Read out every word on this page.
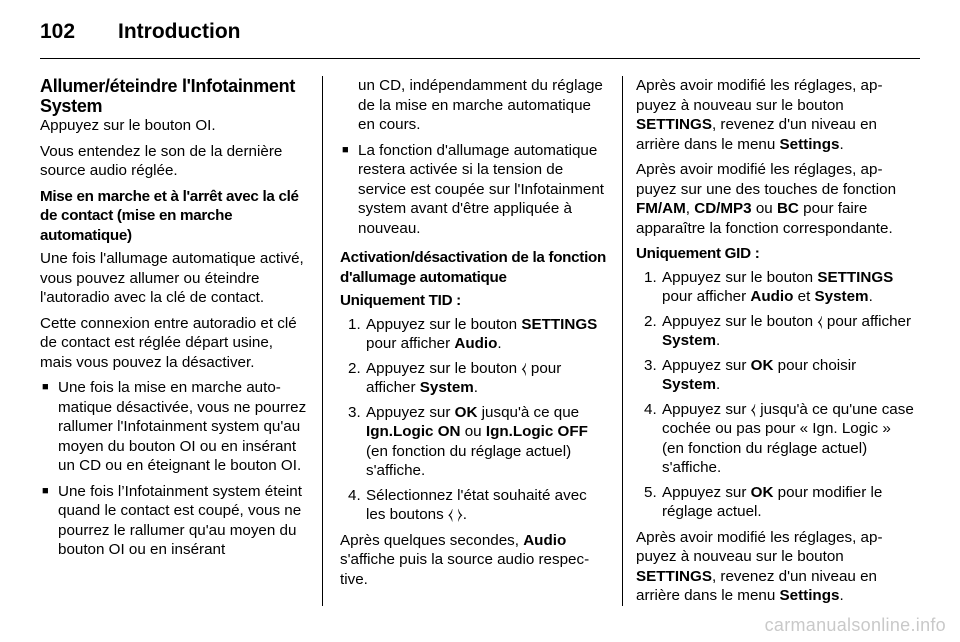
102 Introduction
Allumer/éteindre l'Infotainment System

Appuyez sur le bouton OI.

Vous entendez le son de la dernière source audio réglée.

Mise en marche et à l'arrêt avec la clé de contact (mise en marche automatique)

Une fois l'allumage automatique activé, vous pouvez allumer ou éteindre l'autoradio avec la clé de contact.

Cette connexion entre autoradio et clé de contact est réglée départ usine, mais vous pouvez la désactiver.

■ Une fois la mise en marche automatique désactivée, vous ne pourrez rallumer l'Infotainment system qu'au moyen du bouton OI ou en insérant un CD ou en éteignant le bouton OI.
■ Une fois l’Infotainment system éteint quand le contact est coupé, vous ne pourrez le rallumer qu'au moyen du bouton OI ou en insérant

un CD, indépendamment du réglage de la mise en marche automatique en cours.

■ La fonction d'allumage automatique restera activée si la tension de service est coupée sur l'Infotainment system avant d'être appliquée à nouveau.
Activation/désactivation de la fonction d'allumage automatique
Uniquement TID :
1. Appuyez sur le bouton SETTINGS pour afficher Audio.
2. Appuyez sur le bouton ⧼ pour afficher System.
3. Appuyez sur OK jusqu'à ce que Ign.Logic ON ou Ign.Logic OFF (en fonction du réglage actuel) s'affiche.
4. Sélectionnez l'état souhaité avec les boutons ⧼ ⧽.

Après quelques secondes, Audio s'affiche puis la source audio respective.

Après avoir modifié les réglages, appuyez à nouveau sur le bouton SETTINGS, revenez d'un niveau en arrière dans le menu Settings.

Après avoir modifié les réglages, appuyez sur une des touches de fonction FM/AM, CD/MP3 ou BC pour faire apparaître la fonction correspondante.

Uniquement GID :
1. Appuyez sur le bouton SETTINGS pour afficher Audio et System.
2. Appuyez sur le bouton ⧼ pour afficher System.
3. Appuyez sur OK pour choisir System.
4. Appuyez sur ⧼ jusqu'à ce qu'une case cochée ou pas pour « Ign. Logic » (en fonction du réglage actuel) s'affiche.
5. Appuyez sur OK pour modifier le réglage actuel.

Après avoir modifié les réglages, appuyez à nouveau sur le bouton SETTINGS, revenez d'un niveau en arrière dans le menu Settings.

carmanualsonline.info
